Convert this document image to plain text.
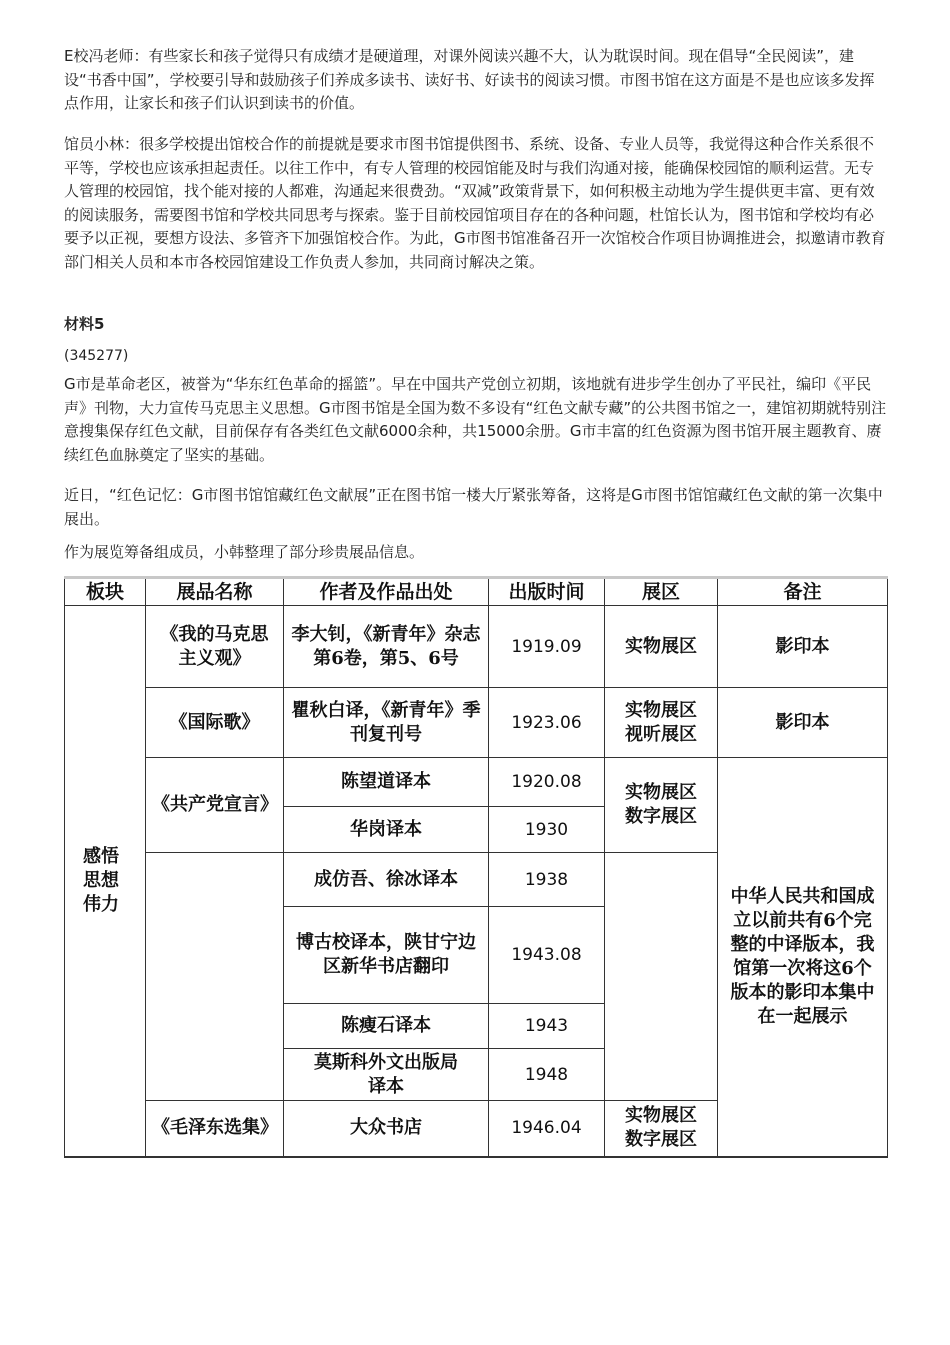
E校冯老师：有些家长和孩子觉得只有成绩才是硬道理，对课外阅读兴趣不大，认为耽误时间。现在倡导“全民阅读”，建设“书香中国”，学校要引导和鼓励孩子们养成多读书、读好书、好读书的阅读习惯。市图书馆在这方面是不是也应该多发挥点作用，让家长和孩子们认识到读书的价值。

馆员小林：很多学校提出馆校合作的前提就是要求市图书馆提供图书、系统、设备、专业人员等，我觉得这种合作关系很不平等，学校也应该承担起责任。以往工作中，有专人管理的校园馆能及时与我们沟通对接，能确保校园馆的顺利运营。无专人管理的校园馆，找个能对接的人都难，沟通起来很费劲。“双减”政策背景下，如何积极主动地为学生提供更丰富、更有效的阅读服务，需要图书馆和学校共同思考与探索。鉴于目前校园馆项目存在的各种问题，杜馆长认为，图书馆和学校均有必要予以正视，要想方设法、多管齐下加强馆校合作。为此，G市图书馆准备召开一次馆校合作项目协调推进会，拟邀请市教育部门相关人员和本市各校园馆建设工作负责人参加，共同商讨解决之策。

材料5

(345277)

G市是革命老区，被誉为“华东红色革命的摇篮”。早在中国共产党创立初期，该地就有进步学生创办了平民社，编印《平民声》刊物，大力宣传马克思主义思想。G市图书馆是全国为数不多设有“红色文献专藏”的公共图书馆之一，建馆初期就特别注意搜集保存红色文献，目前保存有各类红色文献6000余种，共15000余册。G市丰富的红色资源为图书馆开展主题教育、赓续红色血脉奠定了坚实的基础。

近日，“红色记忆：G市图书馆馆藏红色文献展”正在图书馆一楼大厅紧张筹备，这将是G市图书馆馆藏红色文献的第一次集中展出。

作为展览筹备组成员，小韩整理了部分珍贵展品信息。

板块	展品名称	作者及作品出处	出版时间	展区	备注	

感悟思想伟力	《我的马克思主义观》	李大钊，《新青年》杂志第6卷，第5、6号	1919.09	实物展区	影印本	
	《国际歌》	瞿秋白译，《新青年》季刊复刊号	1923.06	实物展区 视听展区	影印本	
	《共产党宣言》	陈望道译本	1920.08	实物展区 数字展区	中华人民共和国成立以前共有6个完整的中译版本，我馆第一次将这6个版本的影印本集中在一起展示	

		华岗译本	1930			
		成仿吾、徐冰译本	1938			
		博古校译本，陕甘宁边区新华书店翻印	1943.08			
		陈瘦石译本	1943			

		莫斯科外文出版局译本	1948			
	《毛泽东选集》	大众书店	1946.04	实物展区 数字展区		
